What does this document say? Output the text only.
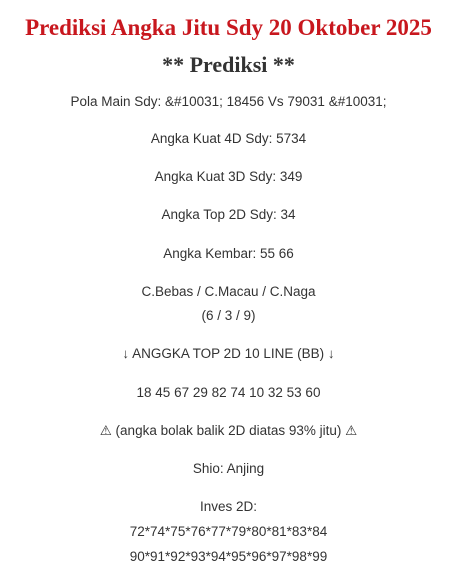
Prediksi Angka Jitu Sdy 20 Oktober 2025
** Prediksi **

Pola Main Sdy: &#10031; 18456 Vs 79031 &#10031;

Angka Kuat 4D Sdy: 5734

Angka Kuat 3D Sdy: 349

Angka Top 2D Sdy: 34

Angka Kembar: 55 66

C.Bebas / C.Macau / C.Naga

(6 / 3 / 9)

↓ ANGGKA TOP 2D 10 LINE (BB) ↓

18 45 67 29 82 74 10 32 53 60

⚠ (angka bolak balik 2D diatas 93% jitu) ⚠

Shio: Anjing

Inves 2D:

72*74*75*76*77*79*80*81*83*84

90*91*92*93*94*95*96*97*98*99
